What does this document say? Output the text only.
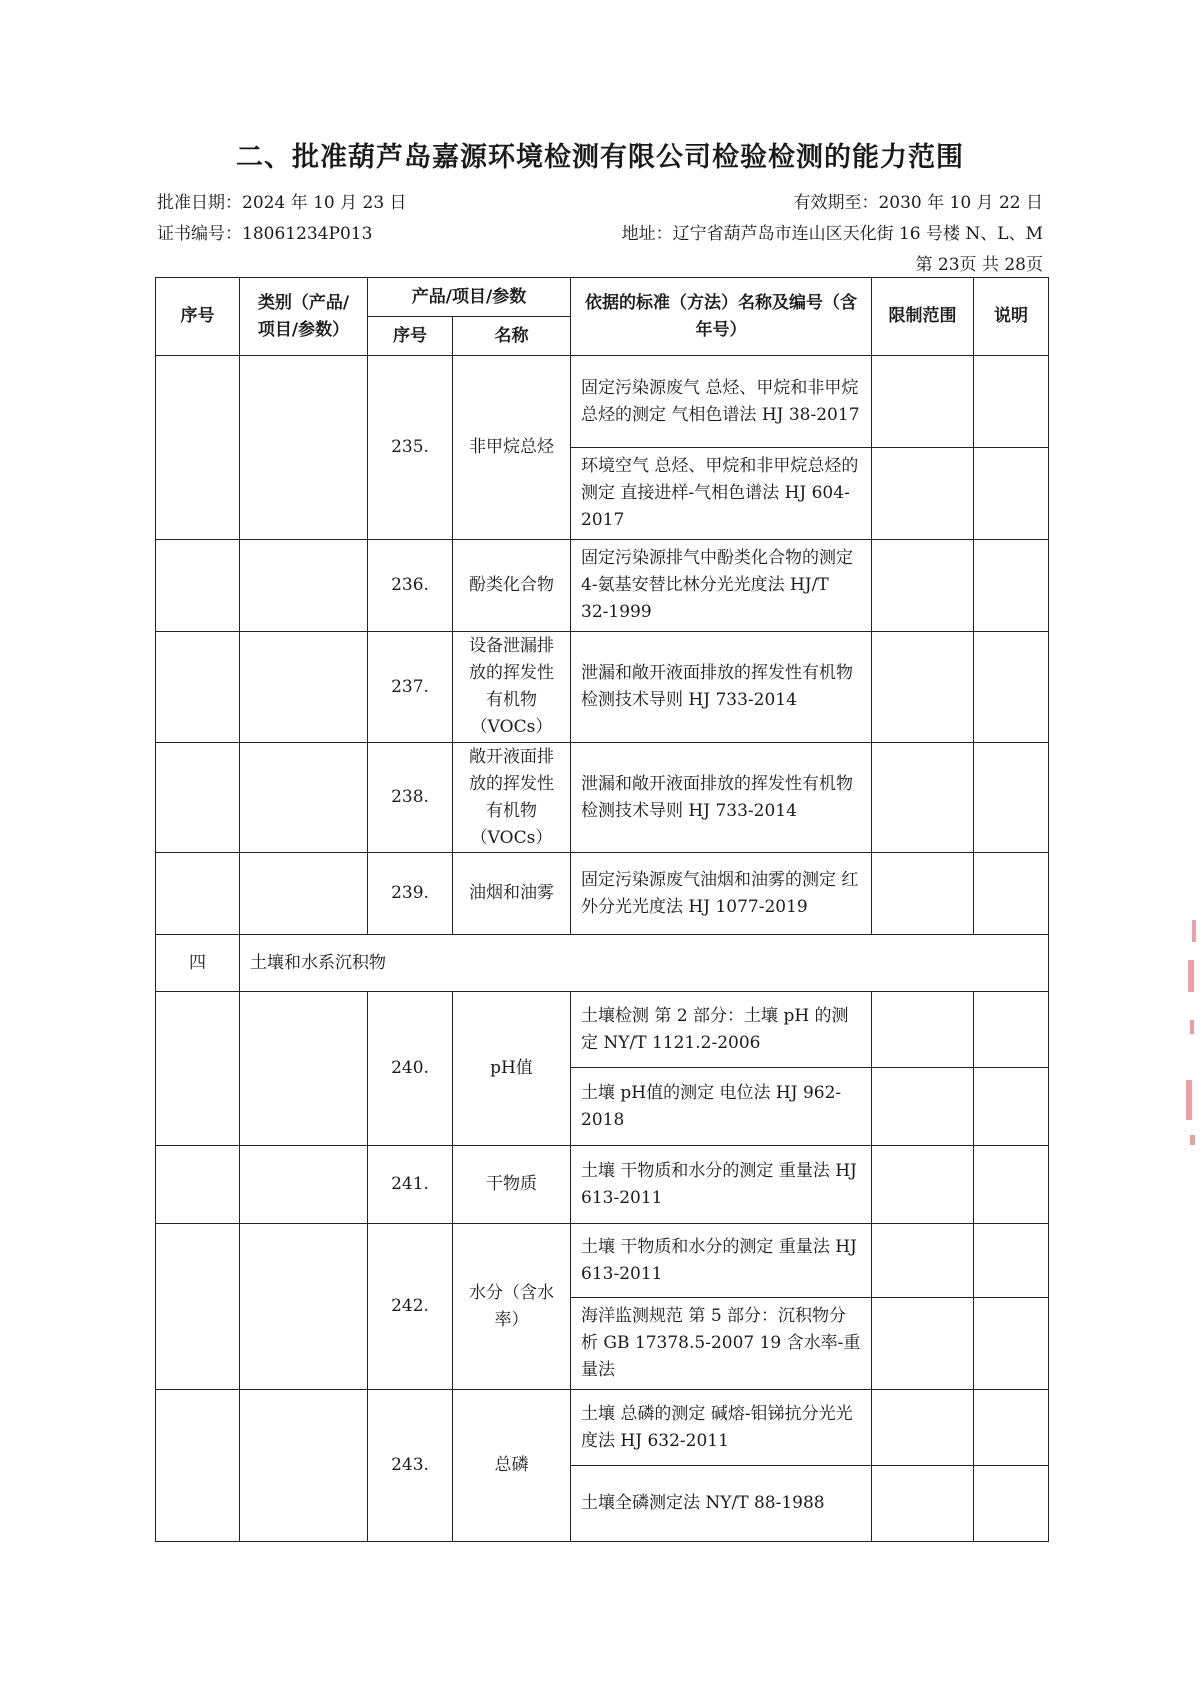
二、批准葫芦岛嘉源环境检测有限公司检验检测的能力范围
批准日期：2024 年 10 月 23 日	有效期至：2030 年 10 月 22 日
证书编号：18061234P013	地址：辽宁省葫芦岛市连山区天化街 16 号楼 N、L、M
第 23页 共 28页
序号	类别（产品/项目/参数）	产品/项目/参数		依据的标准（方法）名称及编号（含年号）	限制范围	说明
		序号	名称			
		235.	非甲烷总烃	固定污染源废气 总烃、甲烷和非甲烷总烃的测定 气相色谱法 HJ 38-2017		
				环境空气 总烃、甲烷和非甲烷总烃的测定 直接进样-气相色谱法 HJ 604-2017		
		236.	酚类化合物	固定污染源排气中酚类化合物的测定 4-氨基安替比林分光光度法 HJ/T 32-1999		
		237.	设备泄漏排放的挥发性有机物（VOCs）	泄漏和敞开液面排放的挥发性有机物检测技术导则 HJ 733-2014		
		238.	敞开液面排放的挥发性有机物（VOCs）	泄漏和敞开液面排放的挥发性有机物检测技术导则 HJ 733-2014		
		239.	油烟和油雾	固定污染源废气油烟和油雾的测定 红外分光光度法 HJ 1077-2019		
四	土壤和水系沉积物					
		240.	pH值	土壤检测 第 2 部分：土壤 pH 的测定 NY/T 1121.2-2006		
				土壤 pH值的测定 电位法 HJ 962-2018		
		241.	干物质	土壤 干物质和水分的测定 重量法 HJ 613-2011		
		242.	水分（含水率）	土壤 干物质和水分的测定 重量法 HJ 613-2011		
				海洋监测规范 第 5 部分：沉积物分析 GB 17378.5-2007 19 含水率-重量法		
		243.	总磷	土壤 总磷的测定 碱熔-钼锑抗分光光度法 HJ 632-2011		
				土壤全磷测定法 NY/T 88-1988		
